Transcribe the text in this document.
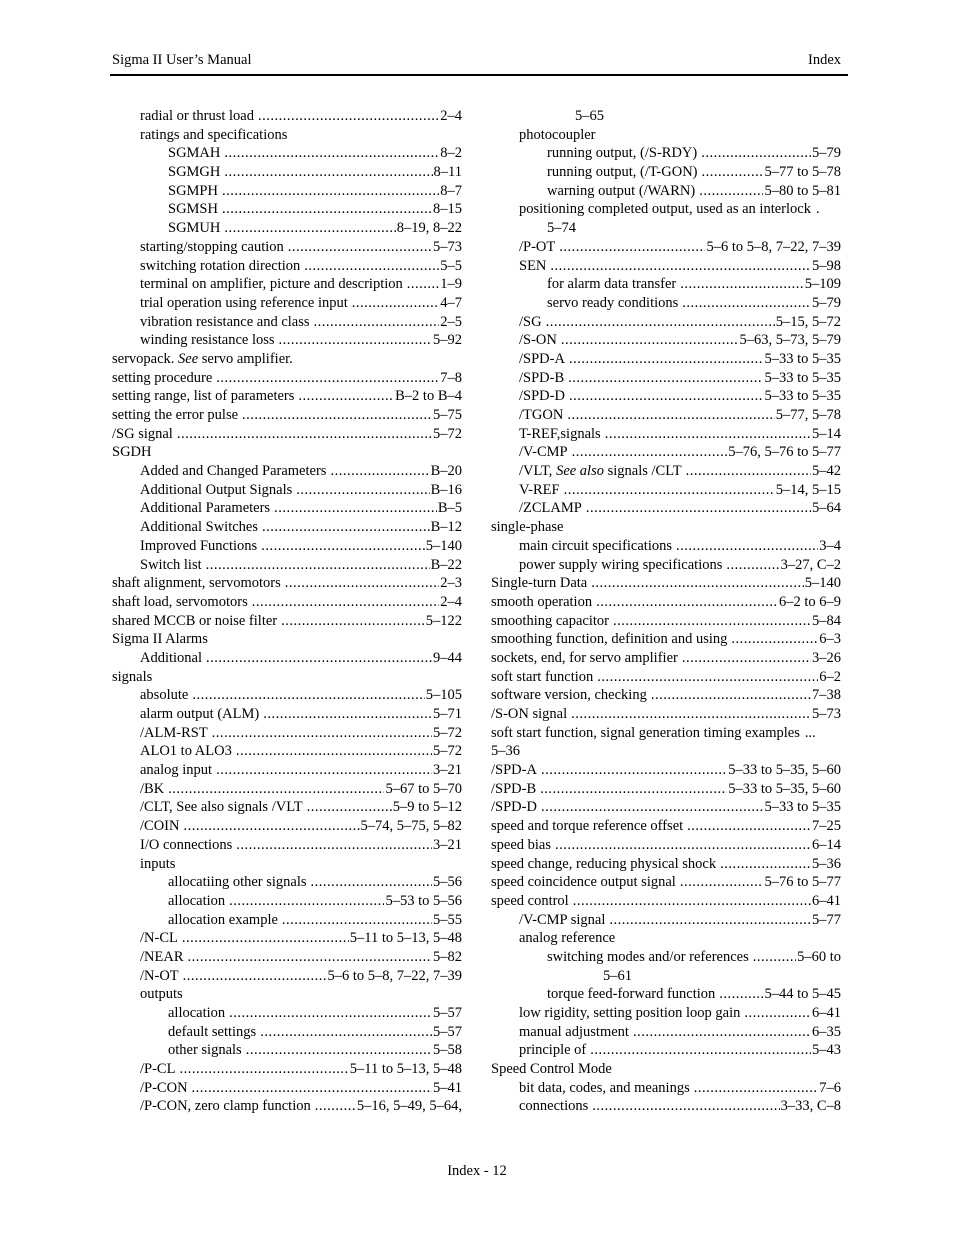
Sigma II User’s Manual	Index
radial or thrust load .....	2–4
ratings and specifications
SGMAH .....	8–2
SGMGH .....	8–11
SGMPH .....	8–7
SGMSH .....	8–15
SGMUH .....	8–19, 8–22
starting/stopping caution .....	5–73
switching rotation direction .....	5–5
terminal on amplifier, picture and description .....	1–9
trial operation using reference input .....	4–7
vibration resistance and class .....	2–5
winding resistance loss .....	5–92
servopack. See servo amplifier.
setting procedure .....	7–8
setting range, list of parameters .....	B–2 to B–4
setting the error pulse .....	5–75
/SG signal .....	5–72
SGDH
Added and Changed Parameters .....	B–20
Additional Output Signals .....	B–16
Additional Parameters .....	B–5
Additional Switches .....	B–12
Improved Functions .....	5–140
Switch list .....	B–22
shaft alignment, servomotors .....	2–3
shaft load, servomotors .....	2–4
shared MCCB or noise filter .....	5–122
Sigma II Alarms
Additional .....	9–44
signals
absolute .....	5–105
alarm output (ALM) .....	5–71
/ALM-RST .....	5–72
ALO1 to ALO3 .....	5–72
analog input .....	3–21
/BK .....	5–67 to 5–70
/CLT, See also signals /VLT .....	5–9 to 5–12
/COIN .....	5–74, 5–75, 5–82
I/O connections .....	3–21
inputs
allocatiing other signals .....	5–56
allocation .....	5–53 to 5–56
allocation example .....	5–55
/N-CL .....	5–11 to 5–13, 5–48
/NEAR .....	5–82
/N-OT .....	5–6 to 5–8, 7–22, 7–39
outputs
allocation .....	5–57
default settings .....	5–57
other signals .....	5–58
/P-CL .....	5–11 to 5–13, 5–48
/P-CON .....	5–41
/P-CON, zero clamp function .....	5–16, 5–49, 5–64,
5–65
photocoupler
running output, (/S-RDY) .....	5–79
running output, (/T-GON) .....	5–77 to 5–78
warning output (/WARN) .....	5–80 to 5–81
positioning completed output, used as an interlock .
5–74
/P-OT .....	5–6 to 5–8, 7–22, 7–39
SEN .....	5–98
for alarm data transfer .....	5–109
servo ready conditions .....	5–79
/SG .....	5–15, 5–72
/S-ON .....	5–63, 5–73, 5–79
/SPD-A .....	5–33 to 5–35
/SPD-B .....	5–33 to 5–35
/SPD-D .....	5–33 to 5–35
/TGON .....	5–77, 5–78
T-REF,signals .....	5–14
/V-CMP .....	5–76, 5–76 to 5–77
/VLT, See also signals /CLT .....	5–42
V-REF .....	5–14, 5–15
/ZCLAMP .....	5–64
single-phase
main circuit specifications .....	3–4
power supply wiring specifications .....	3–27, C–2
Single-turn Data .....	5–140
smooth operation .....	6–2 to 6–9
smoothing capacitor .....	5–84
smoothing function, definition and using .....	6–3
sockets, end, for servo amplifier .....	3–26
soft start function .....	6–2
software version, checking .....	7–38
/S-ON signal .....	5–73
soft start function, signal generation timing examples ...
5–36
/SPD-A .....	5–33 to 5–35, 5–60
/SPD-B .....	5–33 to 5–35, 5–60
/SPD-D .....	5–33 to 5–35
speed and torque reference offset .....	7–25
speed bias .....	6–14
speed change, reducing physical shock .....	5–36
speed coincidence output signal .....	5–76 to 5–77
speed control .....	6–41
/V-CMP signal .....	5–77
analog reference
switching modes and/or references .....	5–60 to
5–61
torque feed-forward function .....	5–44 to 5–45
low rigidity, setting position loop gain .....	6–41
manual adjustment .....	6–35
principle of .....	5–43
Speed Control Mode
bit data, codes, and meanings .....	7–6
connections .....	3–33, C–8
Index - 12
